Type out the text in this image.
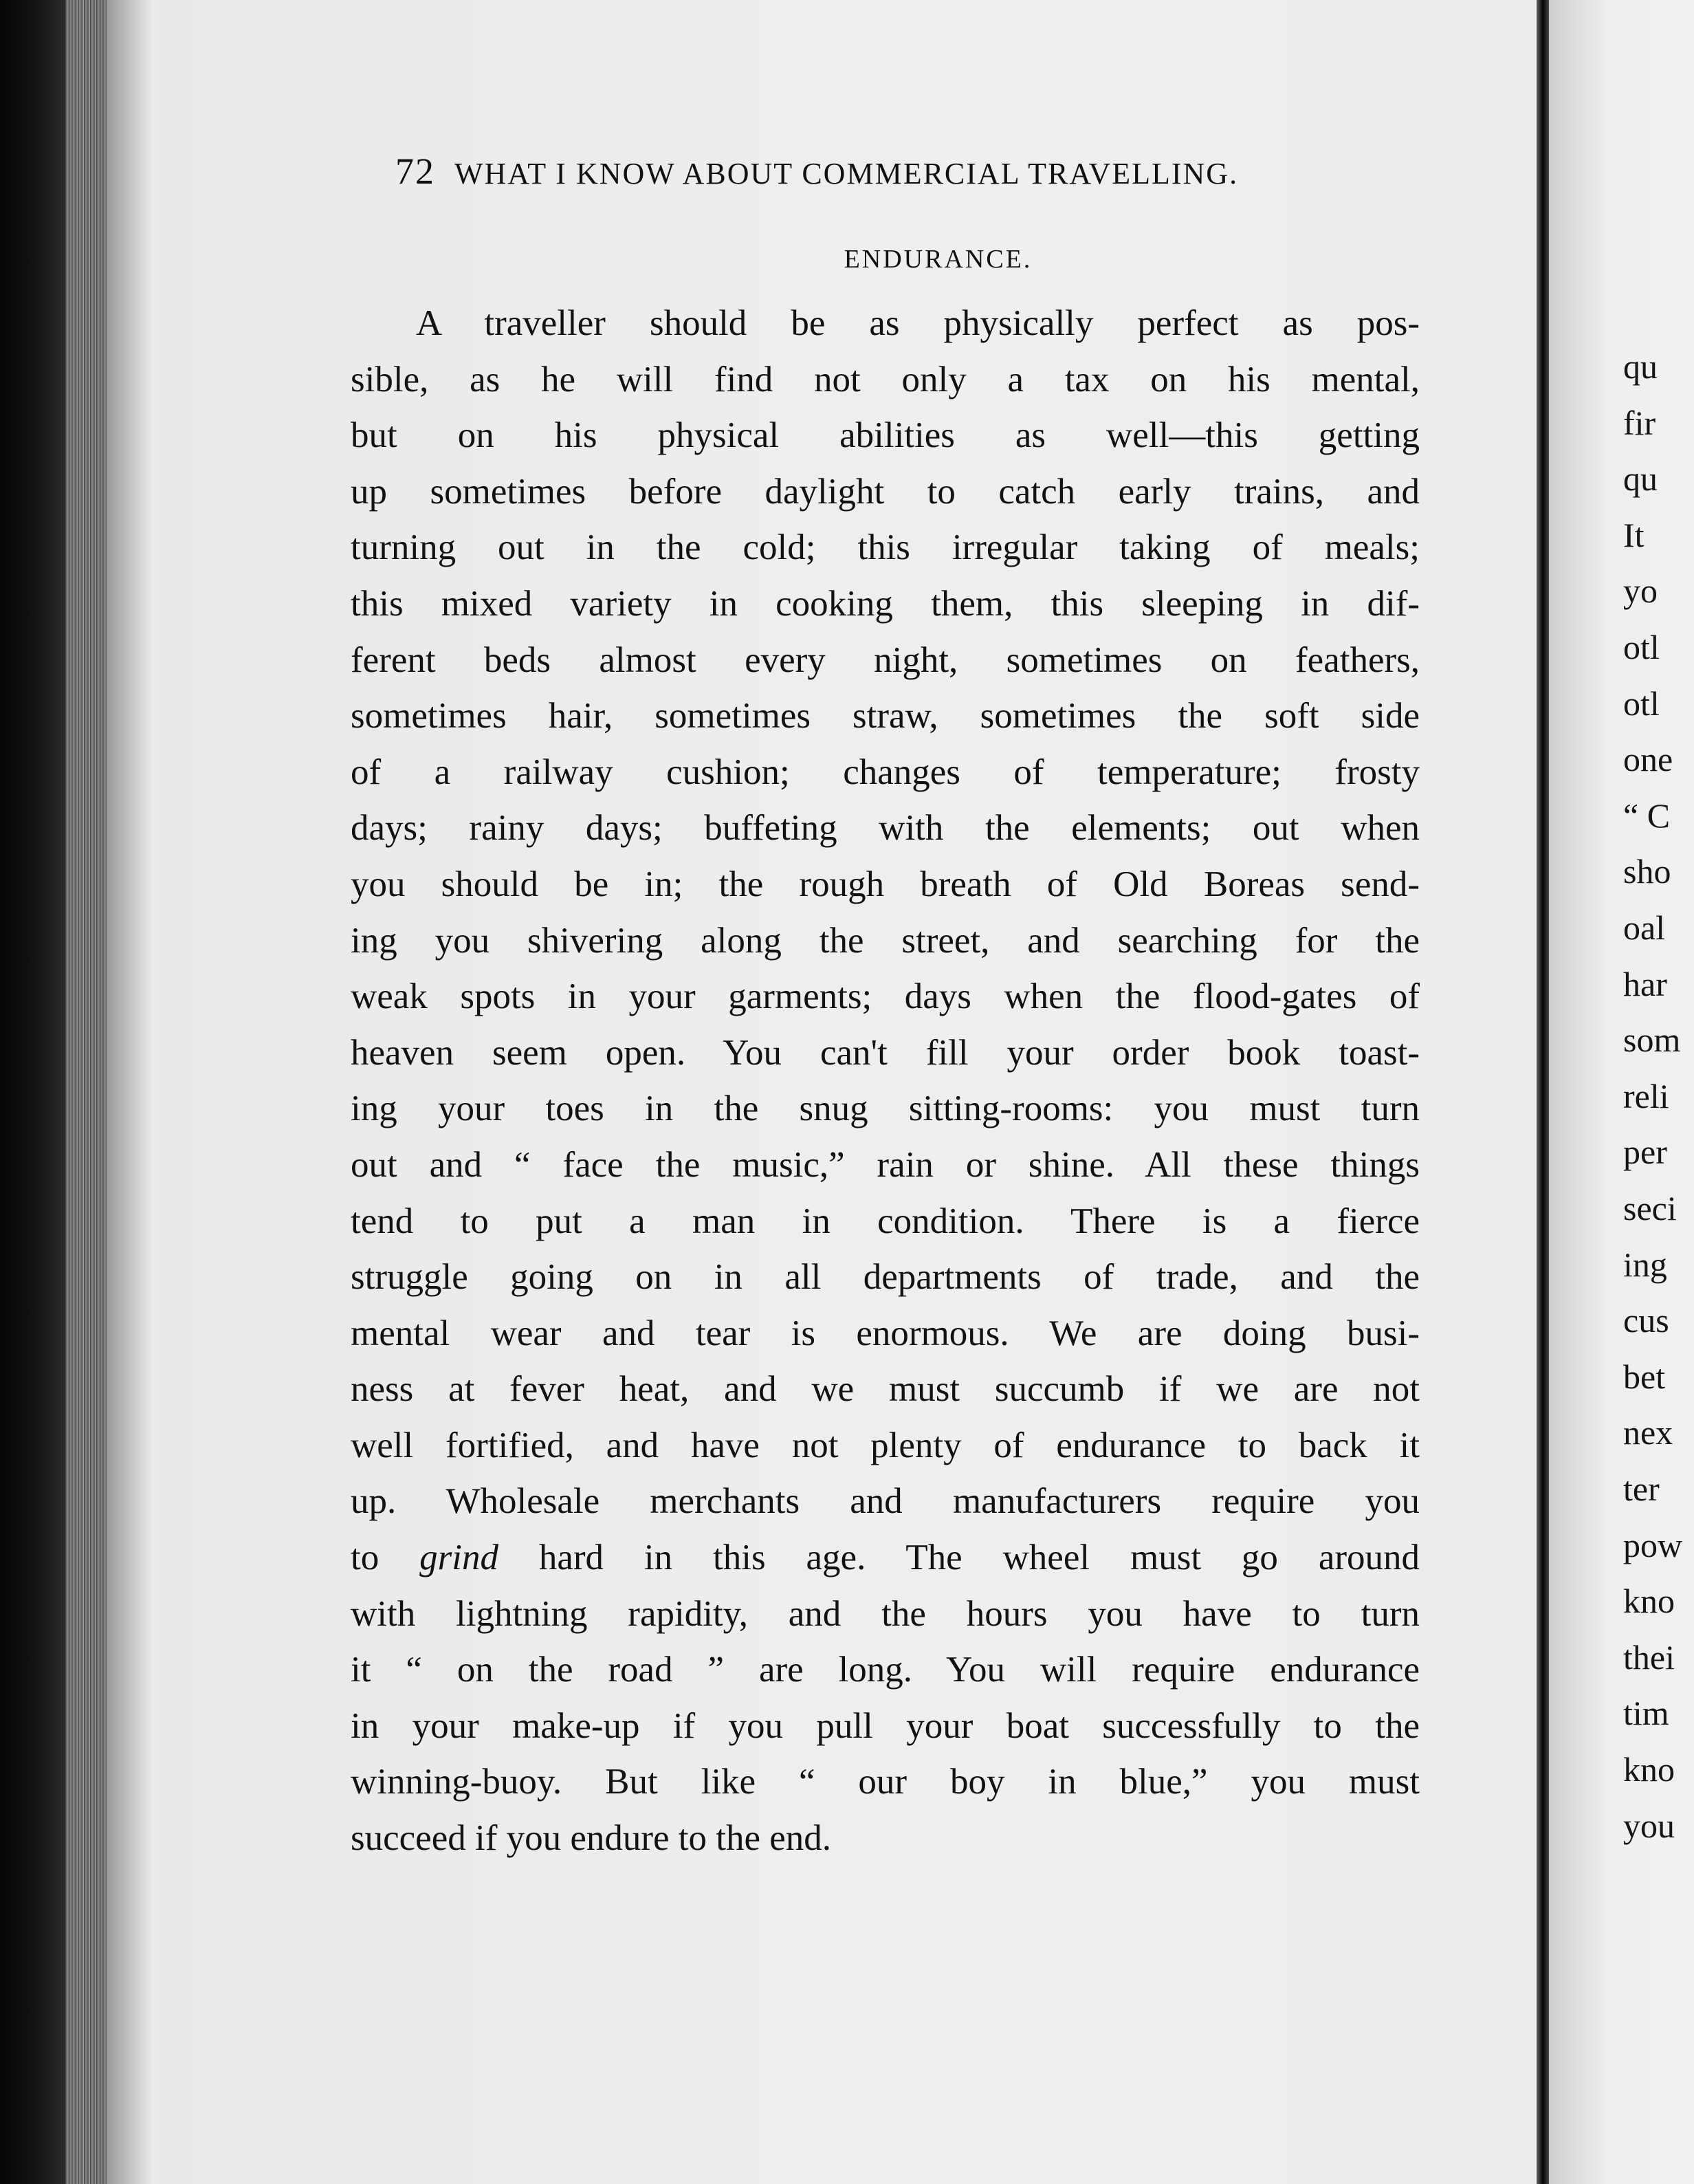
qu
fir
qu
It
yo
otl
otl
one
“ C
sho
oal
har
som
reli
per
seci
ing
cus
bet
nex
ter
pow
kno
thei
tim
kno
you
72 WHAT I KNOW ABOUT COMMERCIAL TRAVELLING.
ENDURANCE.
A traveller should be as physically perfect as pos-
sible, as he will find not only a tax on his mental,
but on his physical abilities as well—this getting
up sometimes before daylight to catch early trains, and
turning out in the cold; this irregular taking of meals;
this mixed variety in cooking them, this sleeping in dif-
ferent beds almost every night, sometimes on feathers,
sometimes hair, sometimes straw, sometimes the soft side
of a railway cushion; changes of temperature; frosty
days; rainy days; buffeting with the elements; out when
you should be in; the rough breath of Old Boreas send-
ing you shivering along the street, and searching for the
weak spots in your garments; days when the flood-gates of
heaven seem open. You can't fill your order book toast-
ing your toes in the snug sitting-rooms: you must turn
out and “ face the music,” rain or shine. All these things
tend to put a man in condition. There is a fierce
struggle going on in all departments of trade, and the
mental wear and tear is enormous. We are doing busi-
ness at fever heat, and we must succumb if we are not
well fortified, and have not plenty of endurance to back it
up. Wholesale merchants and manufacturers require you
to grind hard in this age. The wheel must go around
with lightning rapidity, and the hours you have to turn
it “ on the road ” are long. You will require endurance
in your make-up if you pull your boat successfully to the
winning-buoy. But like “ our boy in blue,” you must
succeed if you endure to the end.
